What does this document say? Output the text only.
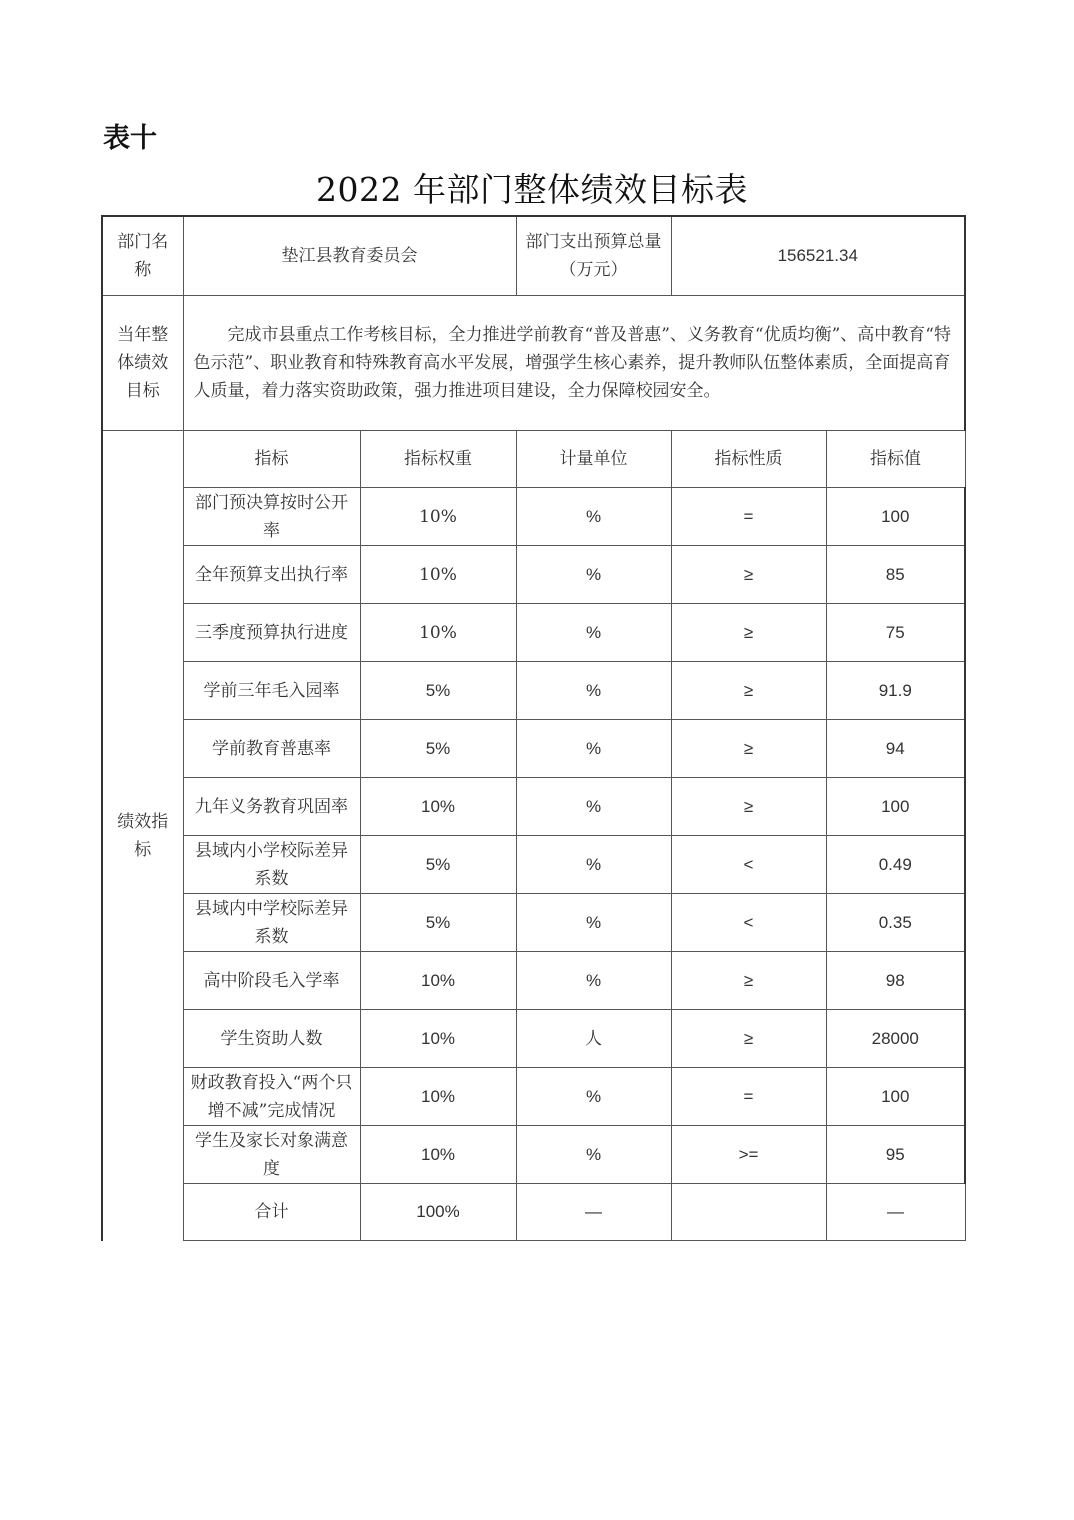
表十
2022 年部门整体绩效目标表
部门名称	垫江县教育委员会		部门支出预算总量（万元）	156521.34	
当年整体绩效目标	完成市县重点工作考核目标，全力推进学前教育“普及普惠”、义务教育“优质均衡”、高中教育“特色示范”、职业教育和特殊教育高水平发展，增强学生核心素养，提升教师队伍整体素质，全面提高育人质量，着力落实资助政策，强力推进项目建设，全力保障校园安全。				
绩效指标	指标	指标权重	计量单位	指标性质	指标值
	部门预决算按时公开率	10%	%	=	100
	全年预算支出执行率	10%	%	≥	85
	三季度预算执行进度	10%	%	≥	75
	学前三年毛入园率	5%	%	≥	91.9
	学前教育普惠率	5%	%	≥	94
	九年义务教育巩固率	10%	%	≥	100
	县域内小学校际差异系数	5%	%	<	0.49
	县域内中学校际差异系数	5%	%	<	0.35
	高中阶段毛入学率	10%	%	≥	98
	学生资助人数	10%	人	≥	28000
	财政教育投入“两个只增不减”完成情况	10%	%	=	100
	学生及家长对象满意度	10%	%	>=	95
	合计	100%	—		—
